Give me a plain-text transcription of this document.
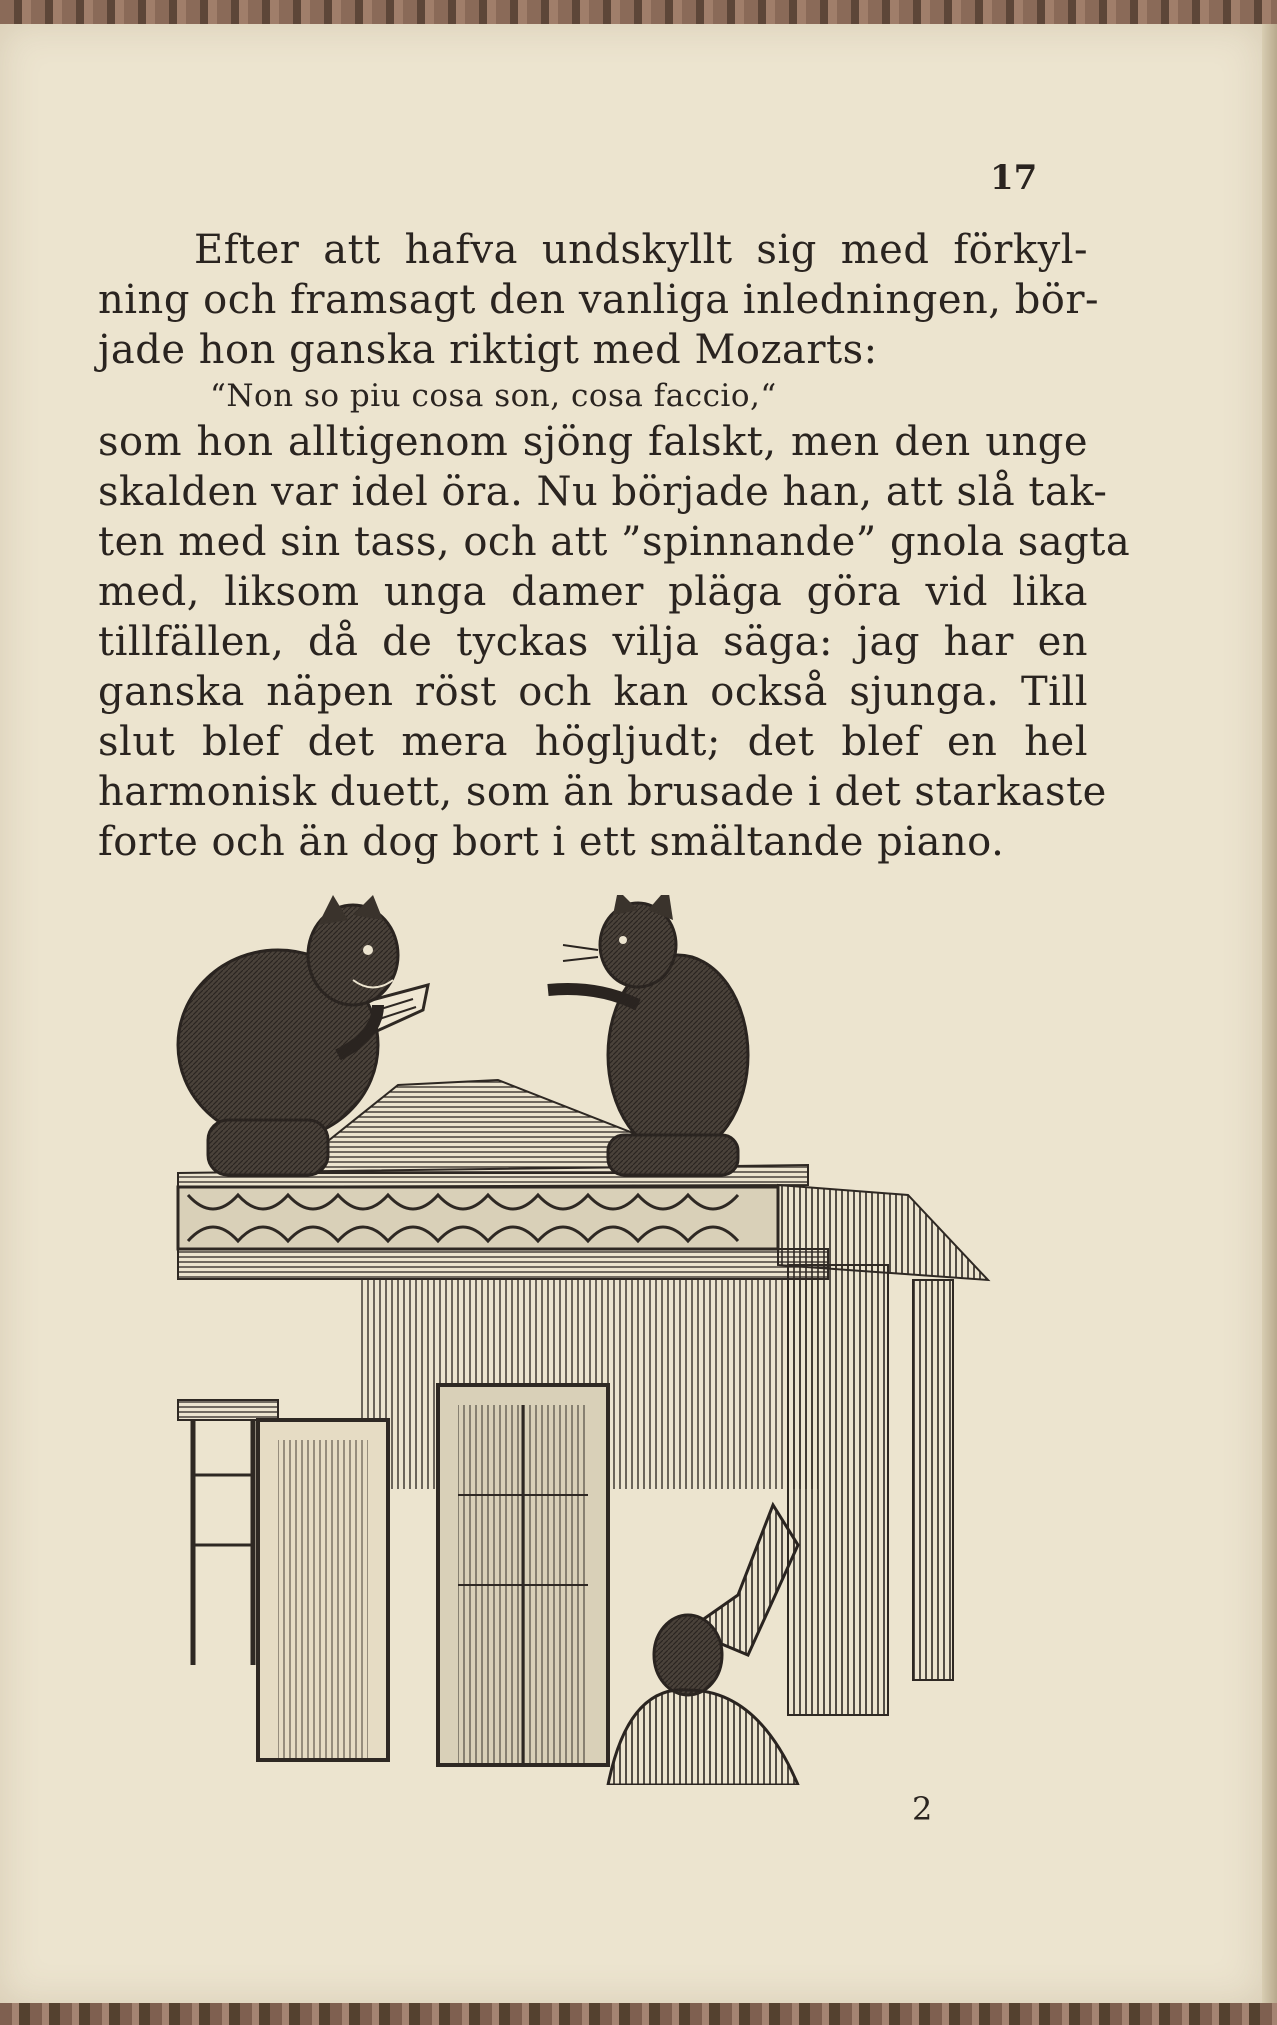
17
Efter att hafva undskyllt sig med förkyl-
ning och framsagt den vanliga inledningen, bör-
jade hon ganska riktigt med Mozarts:
“Non so piu cosa son, cosa faccio,“
som hon alltigenom sjöng falskt, men den unge
skalden var idel öra. Nu började han, att slå tak-
ten med sin tass, och att ”spinnande” gnola sagta
med, liksom unga damer pläga göra vid lika
tillfällen, då de tyckas vilja säga: jag har en
ganska näpen röst och kan också sjunga. Till
slut blef det mera högljudt; det blef en hel
harmonisk duett, som än brusade i det starkaste
forte och än dog bort i ett smältande piano.
2
